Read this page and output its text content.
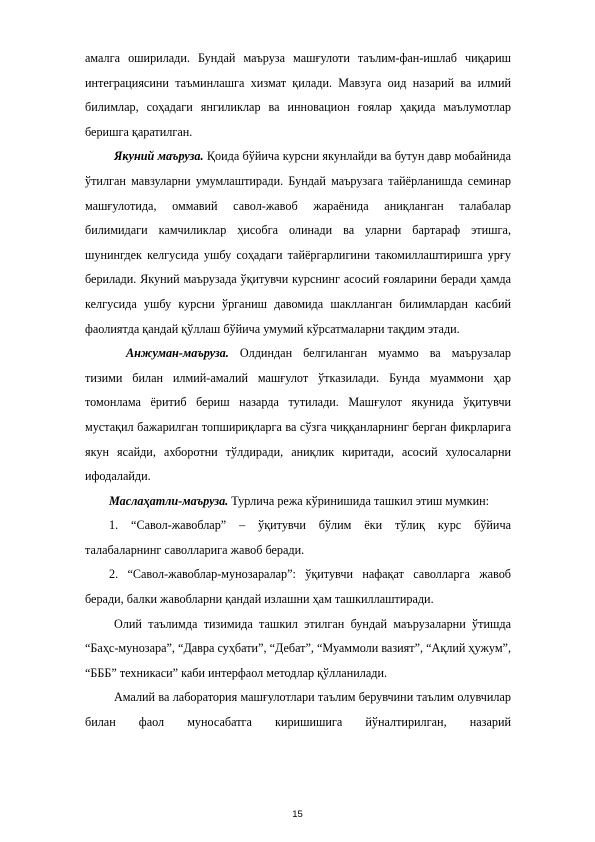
амалга оширилади. Бундай маъруза машғулоти таълим-фан-ишлаб чиқариш интеграциясини таъминлашга хизмат қилади. Мавзуга оид назарий ва илмий билимлар, соҳадаги янгиликлар ва инновацион ғоялар ҳақида маълумотлар беришга қаратилган.

Якуний маъруза. Қоида бўйича курсни якунлайди ва бутун давр мобайнида ўтилган мавзуларни умумлаштиради. Бундай маърузага тайёрланишда семинар машғулотида, оммавий савол-жавоб жараёнида аниқланган талабалар билимидаги камчиликлар ҳисобга олинади ва уларни бартараф этишга, шунингдек келгусида ушбу соҳадаги тайёргарлигини такомиллаштиришга урғу берилади. Якуний маърузада ўқитувчи курснинг асосий ғояларини беради ҳамда келгусида ушбу курсни ўрганиш давомида шаклланган билимлардан касбий фаолиятда қандай қўллаш бўйича умумий кўрсатмаларни тақдим этади.

Анжуман-маъруза. Олдиндан белгиланган муаммо ва маърузалар тизими билан илмий-амалий машғулот ўтказилади. Бунда муаммони ҳар томонлама ёритиб бериш назарда тутилади. Машғулот якунида ўқитувчи мустақил бажарилган топшириқларга ва сўзга чиққанларнинг берган фикрларига якун ясайди, ахборотни тўлдиради, аниқлик киритади, асосий хулосаларни ифодалайди.

Маслаҳатли-маъруза. Турлича режа кўринишида ташкил этиш мумкин:

1. “Савол-жавоблар” – ўқитувчи бўлим ёки тўлиқ курс бўйича талабаларнинг саволларига жавоб беради.

2. “Савол-жавоблар-мунозаралар”: ўқитувчи нафақат саволларга жавоб беради, балки жавобларни қандай излашни ҳам ташкиллаштиради.

Олий таълимда тизимида ташкил этилган бундай маърузаларни ўтишда “Баҳс-мунозара”, “Давра суҳбати”, “Дебат”, “Муаммоли вазият”, “Ақлий ҳужум”, “БББ” техникаси” каби интерфаол методлар қўлланилади.

Амалий ва лаборатория машғулотлари таълим берувчини таълим олувчилар билан фаол муносабатга киришишига йўналтирилган, назарий

15
